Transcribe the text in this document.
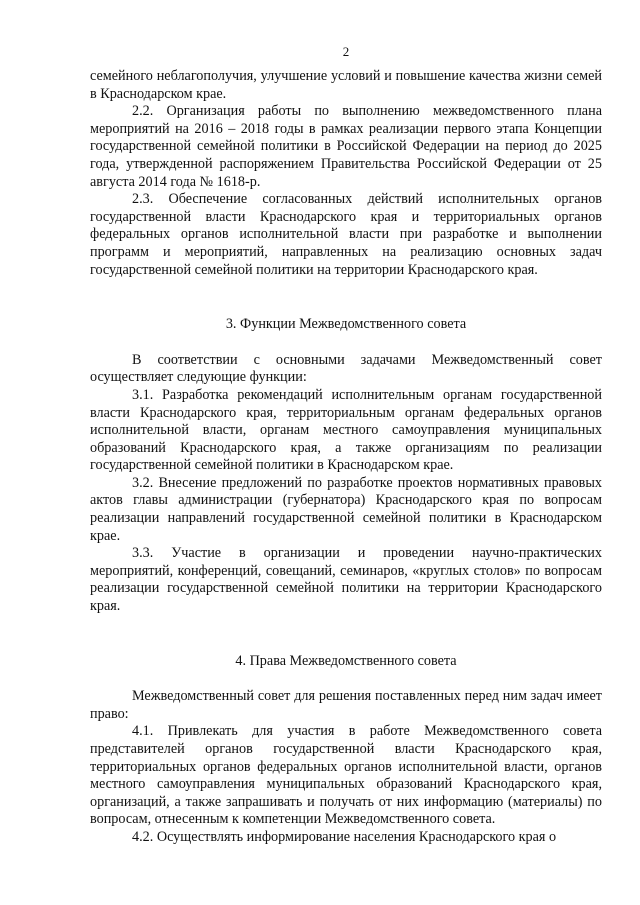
2

семейного неблагополучия, улучшение условий и повышение качества жизни семей в Краснодарском крае.

2.2. Организация работы по выполнению межведомственного плана мероприятий на 2016 – 2018 годы в рамках реализации первого этапа Концепции государственной семейной политики в Российской Федерации на период до 2025 года, утвержденной распоряжением Правительства Российской Федерации от 25 августа 2014 года № 1618-р.

2.3. Обеспечение согласованных действий исполнительных органов государственной власти Краснодарского края и территориальных органов федеральных органов исполнительной власти при разработке и выполнении программ и мероприятий, направленных на реализацию основных задач государственной семейной политики на территории Краснодарского края.

3. Функции Межведомственного совета

В соответствии с основными задачами Межведомственный совет осуществляет следующие функции:

3.1. Разработка рекомендаций исполнительным органам государственной власти Краснодарского края, территориальным органам федеральных органов исполнительной власти, органам местного самоуправления муниципальных образований Краснодарского края, а также организациям по реализации государственной семейной политики в Краснодарском крае.

3.2. Внесение предложений по разработке проектов нормативных правовых актов главы администрации (губернатора) Краснодарского края по вопросам реализации направлений государственной семейной политики в Краснодарском крае.

3.3. Участие в организации и проведении научно-практических мероприятий, конференций, совещаний, семинаров, «круглых столов» по вопросам реализации государственной семейной политики на территории Краснодарского края.

4. Права Межведомственного совета

Межведомственный совет для решения поставленных перед ним задач имеет право:

4.1. Привлекать для участия в работе Межведомственного совета представителей органов государственной власти Краснодарского края, территориальных органов федеральных органов исполнительной власти, органов местного самоуправления муниципальных образований Краснодарского края, организаций, а также запрашивать и получать от них информацию (материалы) по вопросам, отнесенным к компетенции Межведомственного совета.

4.2. Осуществлять информирование населения Краснодарского края о
